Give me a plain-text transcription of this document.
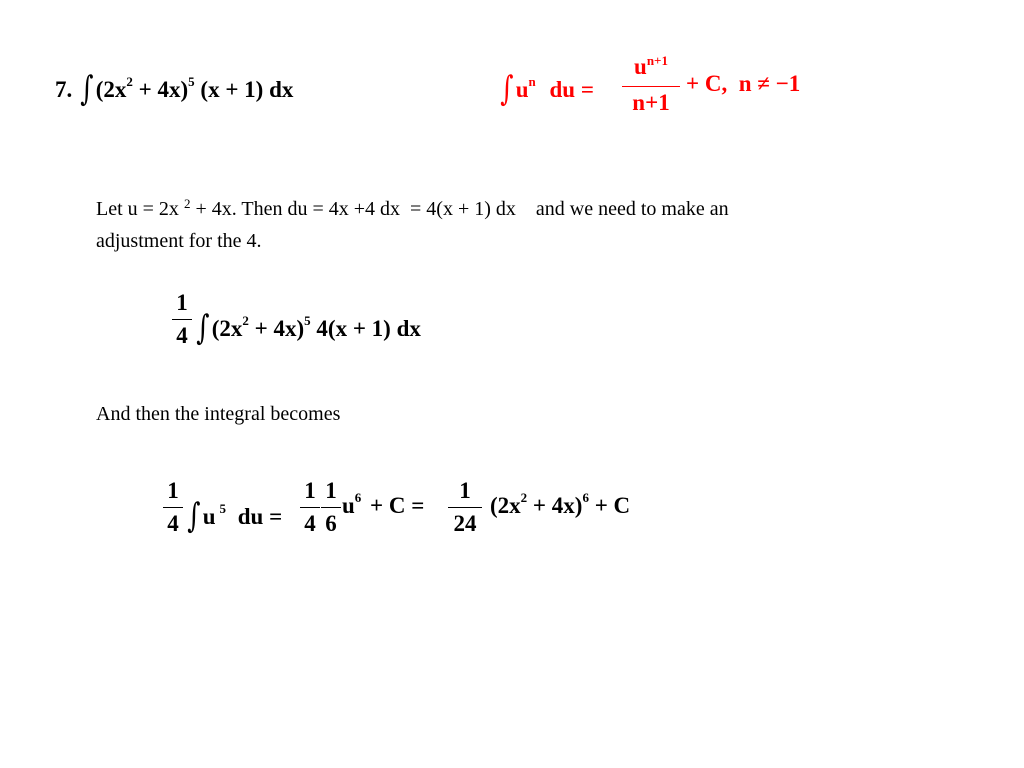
7. $\int(2x^2 + 4x)^5$ (x + 1) dx	$\int u^n$ du =
$u^{n+1}$
n+1
+ C,  n ≠ −1
Let u = 2x $^2$ + 4x. Then du = 4x +4 dx  = 4(x + 1) dx    and we need to make an
adjustment for the 4.
1
4 $\int(2x^2 + 4x)^5$ 4(x + 1) dx
And then the integral becomes
1
4 ∫u $^5$ du =
1
4
1
6
$u^6 + C$ =
1
24
$(2x^2 + 4x)^6 + C$
